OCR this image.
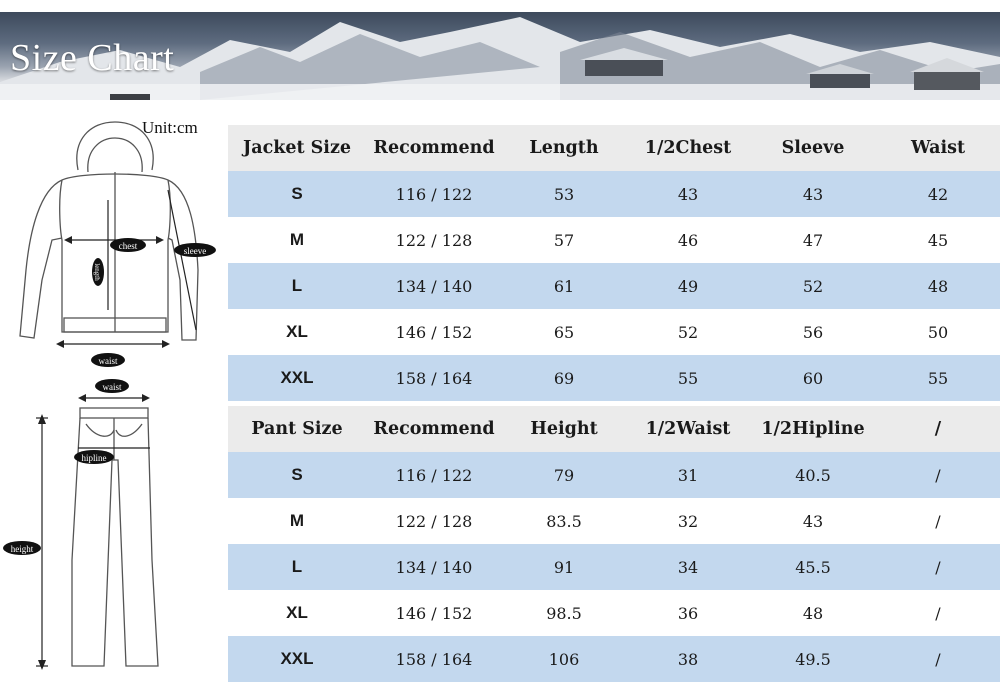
Size Chart
Unit:cm
chest	sleeve
length
waist
waist
hipline
height
Jacket Size	Recommend	Length	1/2Chest	Sleeve	Waist
S	116 / 122	53	43	43	42
M	122 / 128	57	46	47	45
L	134 / 140	61	49	52	48
XL	146 / 152	65	52	56	50
XXL	158 / 164	69	55	60	55
Pant Size	Recommend	Height	1/2Waist	1/2Hipline	/
S	116 / 122	79	31	40.5	/
M	122 / 128	83.5	32	43	/
L	134 / 140	91	34	45.5	/
XL	146 / 152	98.5	36	48	/
XXL	158 / 164	106	38	49.5	/
